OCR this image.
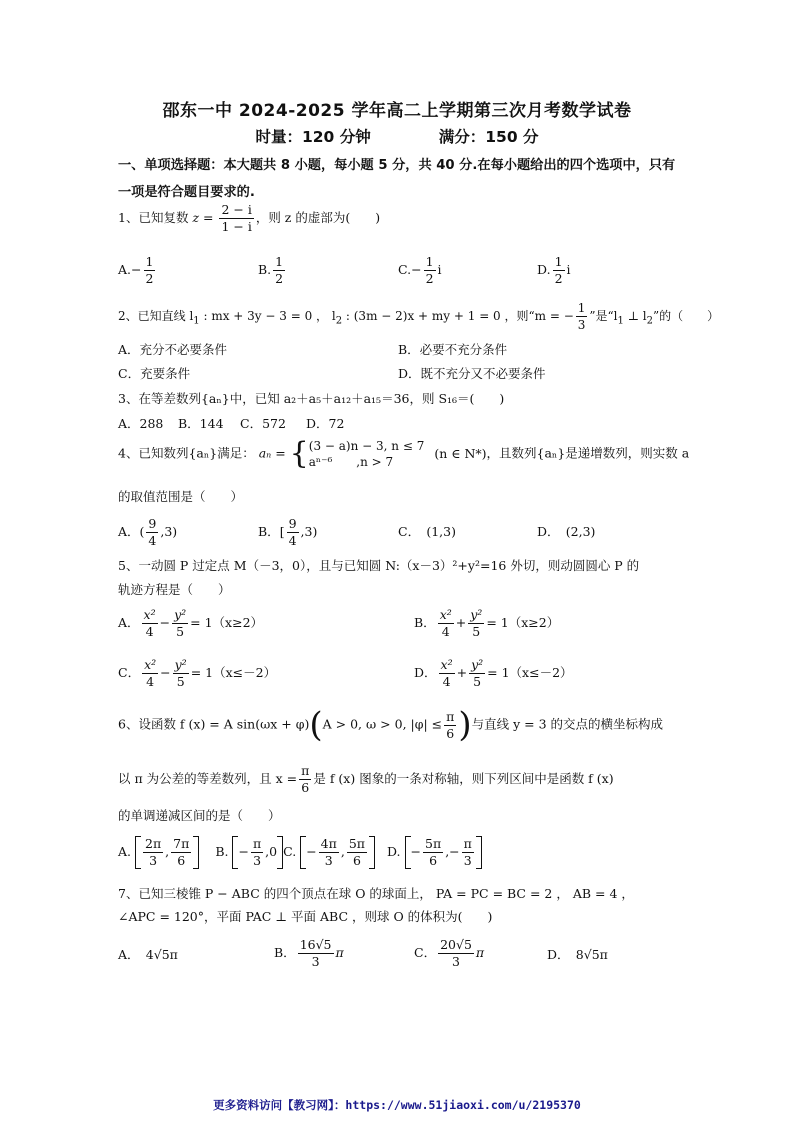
邵东一中 2024-2025 学年高二上学期第三次月考数学试卷
时量：120 分钟	满分：150 分
一、单项选择题：本大题共 8 小题，每小题 5 分，共 40 分.在每小题给出的四个选项中，只有一项是符合题目要求的.
1、已知复数 $z = \frac{2 - i}{1 - i}$ ，则 z 的虚部为(　　)
$A.- \frac{1}{2}$	B. $\frac{1}{2}$	$C.- \frac{1}{2}$ i	D. $\frac{1}{2}$ i
2、已知直线 $l_1$ : mx + 3y − 3 = 0 ， $l_2$ : (3m − 2)x + my + 1 = 0 ，则“m = − $\frac{1}{3}$ ”是“$l_1$ ⊥ $l_2$”的（　　）
A．充分不必要条件	B．必要不充分条件
C．充要条件	D．既不充分又不必要条件
3、在等差数列{aₙ}中，已知 a₂＋a₅＋a₁₂＋a₁₅＝36，则 S₁₆＝(　　)
A．288 B．144 C．572 D．72
4、已知数列{aₙ}满足： aₙ = { (3 − a)n − 3, n ≤ 7
aⁿ⁻⁶　　,n > 7
(n ∈ N*)，且数列{aₙ}是递增数列，则实数 a
的取值范围是（　　）
A．( $\frac{9}{4} ,3$)	B．[ $\frac{9}{4} ,3$)	C．　(1,3)	D．　(2,3)
5、一动圆 P 过定点 M（－3，0），且与已知圆 N:（x－3）²+y²=16 外切，则动圆圆心 P 的
轨迹方程是（　　）
A． $\frac{\text{x²}}{4} - \frac{\text{y²}}{5} = 1(x\ge 2)$	B． $\frac{\text{x²}}{4} + \frac{\text{y²}}{5} = 1(x\ge 2)$
C． $\frac{\text{x²}}{4} - \frac{\text{y²}}{5} = 1(x\le-2)$	D． $\frac{\text{x²}}{4} + \frac{\text{y²}}{5} = 1(x\le-2)$
6、设函数 f (x) = A sin(ωx + φ)(A > 0, ω > 0, $|\varphi| \le \frac{\pi}{6}$ )与直线 y = 3 的交点的横坐标构成
以 π 为公差的等差数列，且 $x = \frac{\pi}{6}$ 是 f (x) 图象的一条对称轴，则下列区间中是函数 f (x)
的单调递减区间的是（　　）
A. $\frac{2\pi}{3}$ , $\frac{7\pi}{6} B$. − $\frac{\pi}{3} ,0$ C. − $\frac{4\pi}{3}$ , $\frac{5\pi}{6} D$. − $\frac{5\pi}{6}$ ,− $\frac{\pi}{3}$
7、已知三棱锥 P − ABC 的四个顶点在球 O 的球面上， PA = PC = BC = 2 ， AB = 4 ，
∠APC = 120°，平面 PAC ⊥ 平面 ABC ，则球 O 的体积为(　　)
A．　4√5π	B． $\frac{16√5}{3}$ π	C． $\frac{20√5}{3}$ π	D．　8√5π
更多资料访问【教习网】：https://www.51jiaoxi.com/u/2195370
